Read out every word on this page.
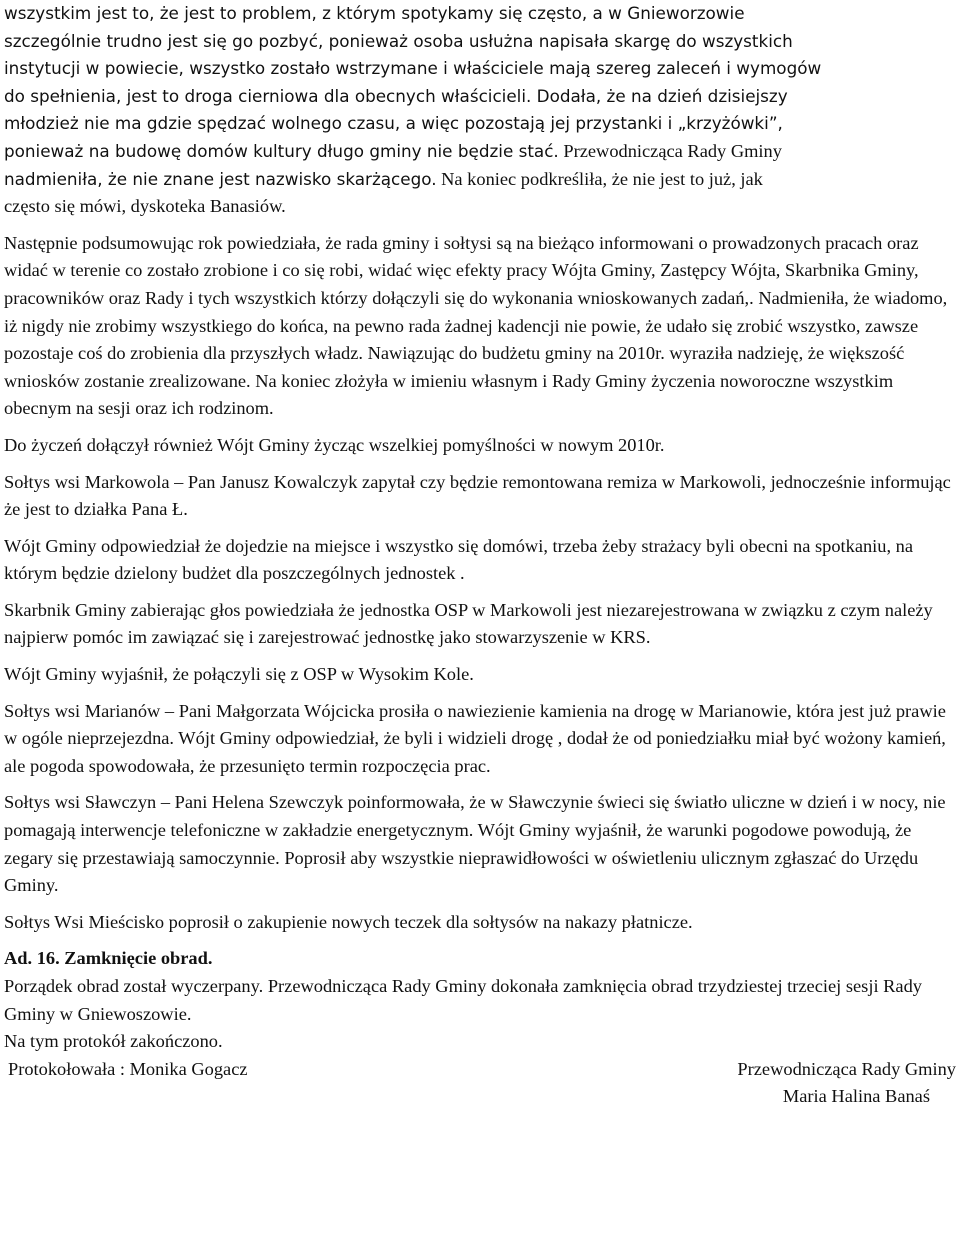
wszystkim jest to, że jest to problem, z którym spotykamy się często, a w Gnieworzowie
szczególnie trudno jest się go pozbyć, ponieważ osoba usłużna napisała skargę do wszystkich
instytucji w powiecie, wszystko zostało wstrzymane i właściciele mają szereg zaleceń i wymogów
do spełnienia, jest to droga cierniowa dla obecnych właścicieli. Dodała, że na dzień dzisiejszy
młodzież nie ma gdzie spędzać wolnego czasu, a więc pozostają jej przystanki i „krzyżówki”,
ponieważ na budowę domów kultury długo gminy nie będzie stać. Przewodnicząca Rady Gminy
nadmieniła, że nie znane jest nazwisko skarżącego. Na koniec podkreśliła, że nie jest to już, jak
często się mówi, dyskoteka Banasiów.

Następnie podsumowując rok powiedziała, że rada gminy i sołtysi są na bieżąco informowani o prowadzonych pracach oraz widać w terenie co zostało zrobione i co się robi, widać więc efekty pracy Wójta Gminy, Zastępcy Wójta, Skarbnika Gminy, pracowników oraz Rady i tych wszystkich którzy dołączyli się do wykonania wnioskowanych zadań,. Nadmieniła, że wiadomo, iż nigdy nie zrobimy wszystkiego do końca, na pewno rada żadnej kadencji nie powie, że udało się zrobić wszystko, zawsze pozostaje coś do zrobienia dla przyszłych władz. Nawiązując do budżetu gminy na 2010r. wyraziła nadzieję, że większość wniosków zostanie zrealizowane. Na koniec złożyła w imieniu własnym i Rady Gminy życzenia noworoczne wszystkim obecnym na sesji oraz ich rodzinom.

Do życzeń dołączył również Wójt Gminy życząc wszelkiej pomyślności w nowym 2010r.

Sołtys wsi Markowola – Pan Janusz Kowalczyk zapytał czy będzie remontowana remiza w Markowoli, jednocześnie informując że jest to działka Pana Ł.

Wójt Gminy odpowiedział że dojedzie na miejsce i wszystko się domówi, trzeba żeby strażacy byli obecni na spotkaniu, na którym będzie dzielony budżet dla poszczególnych jednostek .

Skarbnik Gminy zabierając głos powiedziała że jednostka OSP w Markowoli jest niezarejestrowana w związku z czym należy najpierw pomóc im zawiązać się i zarejestrować jednostkę jako stowarzyszenie w KRS.

Wójt Gminy wyjaśnił, że połączyli się z OSP w Wysokim Kole.

Sołtys wsi Marianów – Pani Małgorzata Wójcicka prosiła o nawiezienie kamienia na drogę w Marianowie, która jest już prawie w ogóle nieprzejezdna. Wójt Gminy odpowiedział, że byli i widzieli drogę , dodał że od poniedziałku miał być wożony kamień, ale pogoda spowodowała, że przesunięto termin rozpoczęcia prac.

Sołtys wsi Sławczyn – Pani Helena Szewczyk poinformowała, że w Sławczynie świeci się światło uliczne w dzień i w nocy, nie pomagają interwencje telefoniczne w zakładzie energetycznym. Wójt Gminy wyjaśnił, że warunki pogodowe powodują, że zegary się przestawiają samoczynnie. Poprosił aby wszystkie nieprawidłowości w oświetleniu ulicznym zgłaszać do Urzędu Gminy.

Sołtys Wsi Mieścisko poprosił o zakupienie nowych teczek dla sołtysów na nakazy płatnicze.

Ad. 16. Zamknięcie obrad.

Porządek obrad został wyczerpany. Przewodnicząca Rady Gminy dokonała zamknięcia obrad trzydziestej trzeciej sesji Rady Gminy w Gniewoszowie.

Na tym protokół zakończono.

Protokołowała : Monika Gogacz	Przewodnicząca Rady Gminy
Maria Halina Banaś
